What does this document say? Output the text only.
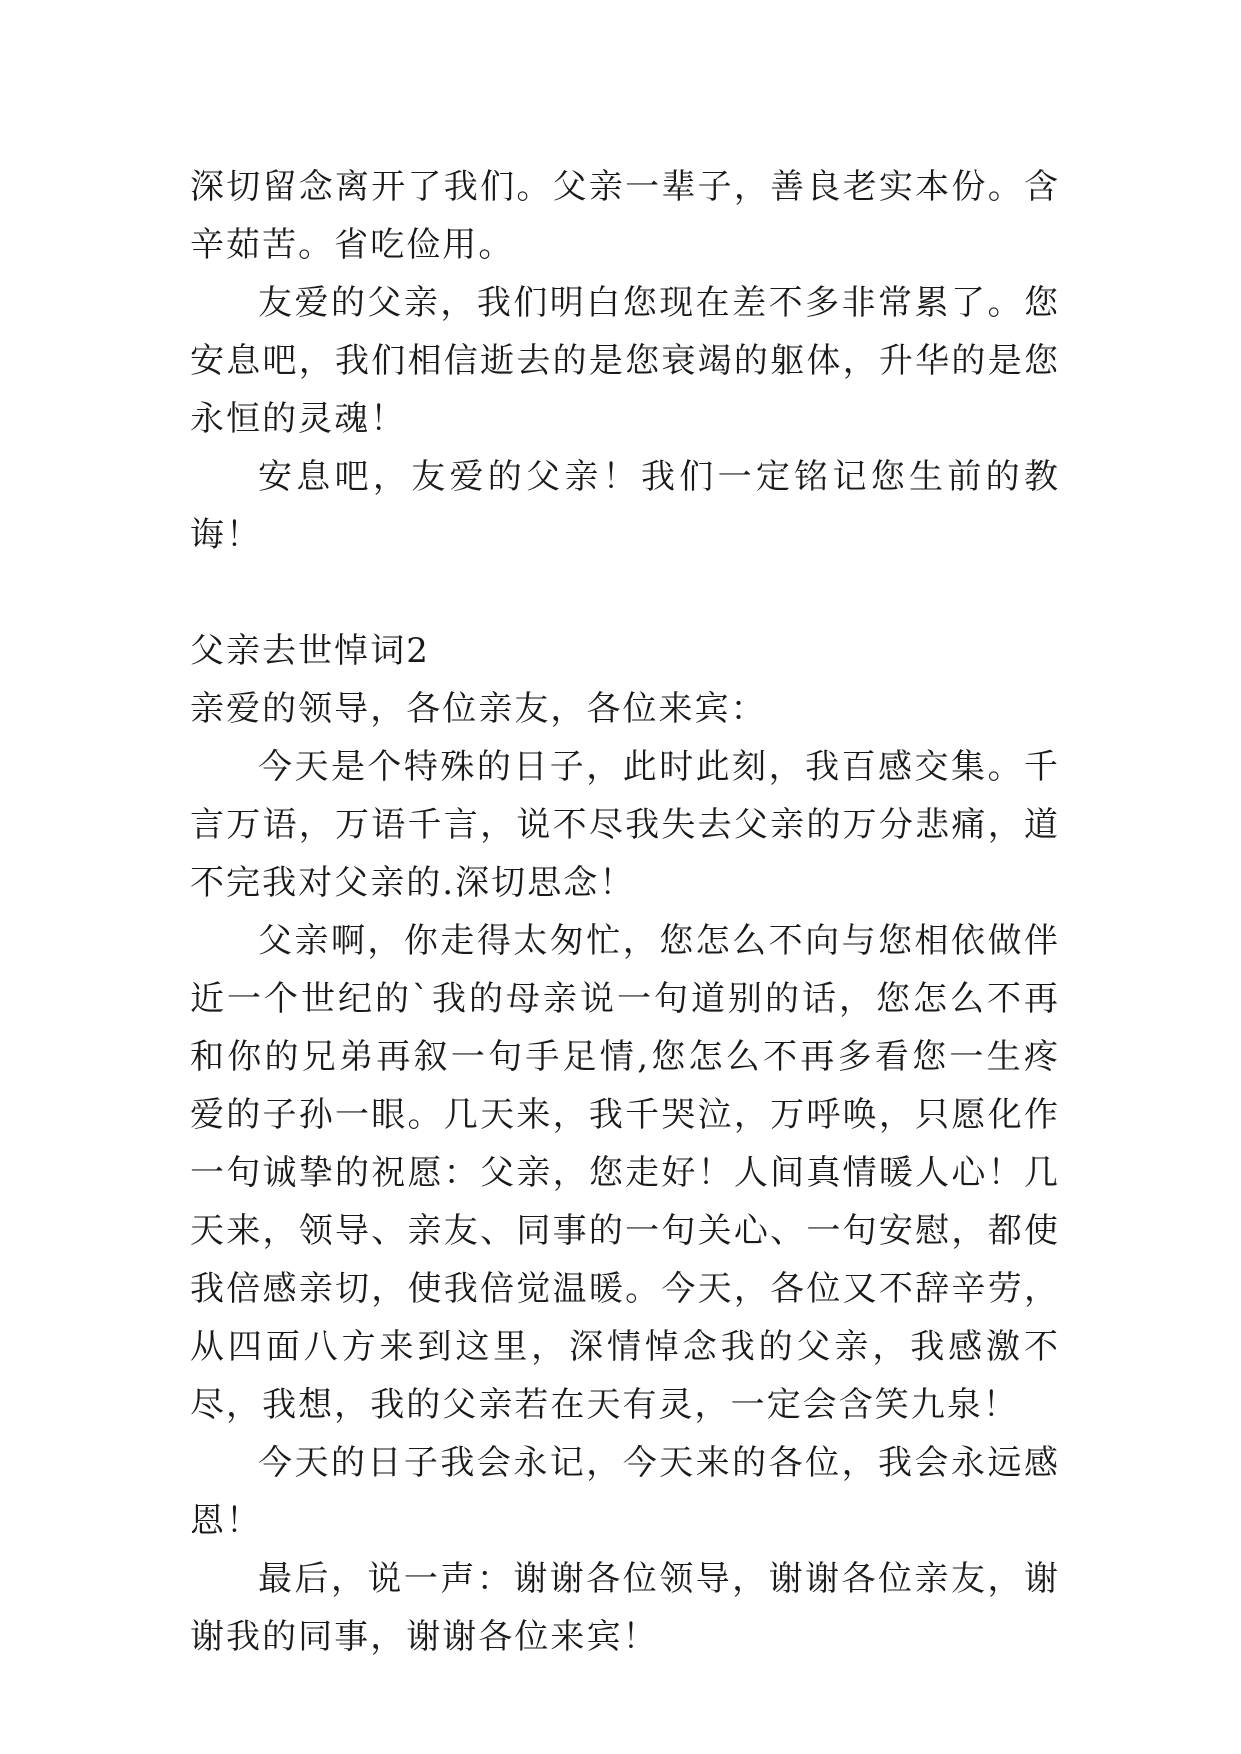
深切留念离开了我们。父亲一辈子，善良老实本份。含辛茹苦。省吃俭用。

友爱的父亲，我们明白您现在差不多非常累了。您安息吧，我们相信逝去的是您衰竭的躯体，升华的是您永恒的灵魂！

安息吧，友爱的父亲！我们一定铭记您生前的教诲！

父亲去世悼词2

亲爱的领导，各位亲友，各位来宾：

今天是个特殊的日子，此时此刻，我百感交集。千言万语，万语千言，说不尽我失去父亲的万分悲痛，道不完我对父亲的.深切思念！

父亲啊，你走得太匆忙，您怎么不向与您相依做伴近一个世纪的`我的母亲说一句道别的话，您怎么不再和你的兄弟再叙一句手足情,您怎么不再多看您一生疼爱的子孙一眼。几天来，我千哭泣，万呼唤，只愿化作一句诚挚的祝愿：父亲，您走好！人间真情暖人心！几天来，领导、亲友、同事的一句关心、一句安慰，都使我倍感亲切，使我倍觉温暖。今天，各位又不辞辛劳，从四面八方来到这里，深情悼念我的父亲，我感激不尽，我想，我的父亲若在天有灵，一定会含笑九泉！

今天的日子我会永记，今天来的各位，我会永远感恩！

最后，说一声：谢谢各位领导，谢谢各位亲友，谢谢我的同事，谢谢各位来宾！
